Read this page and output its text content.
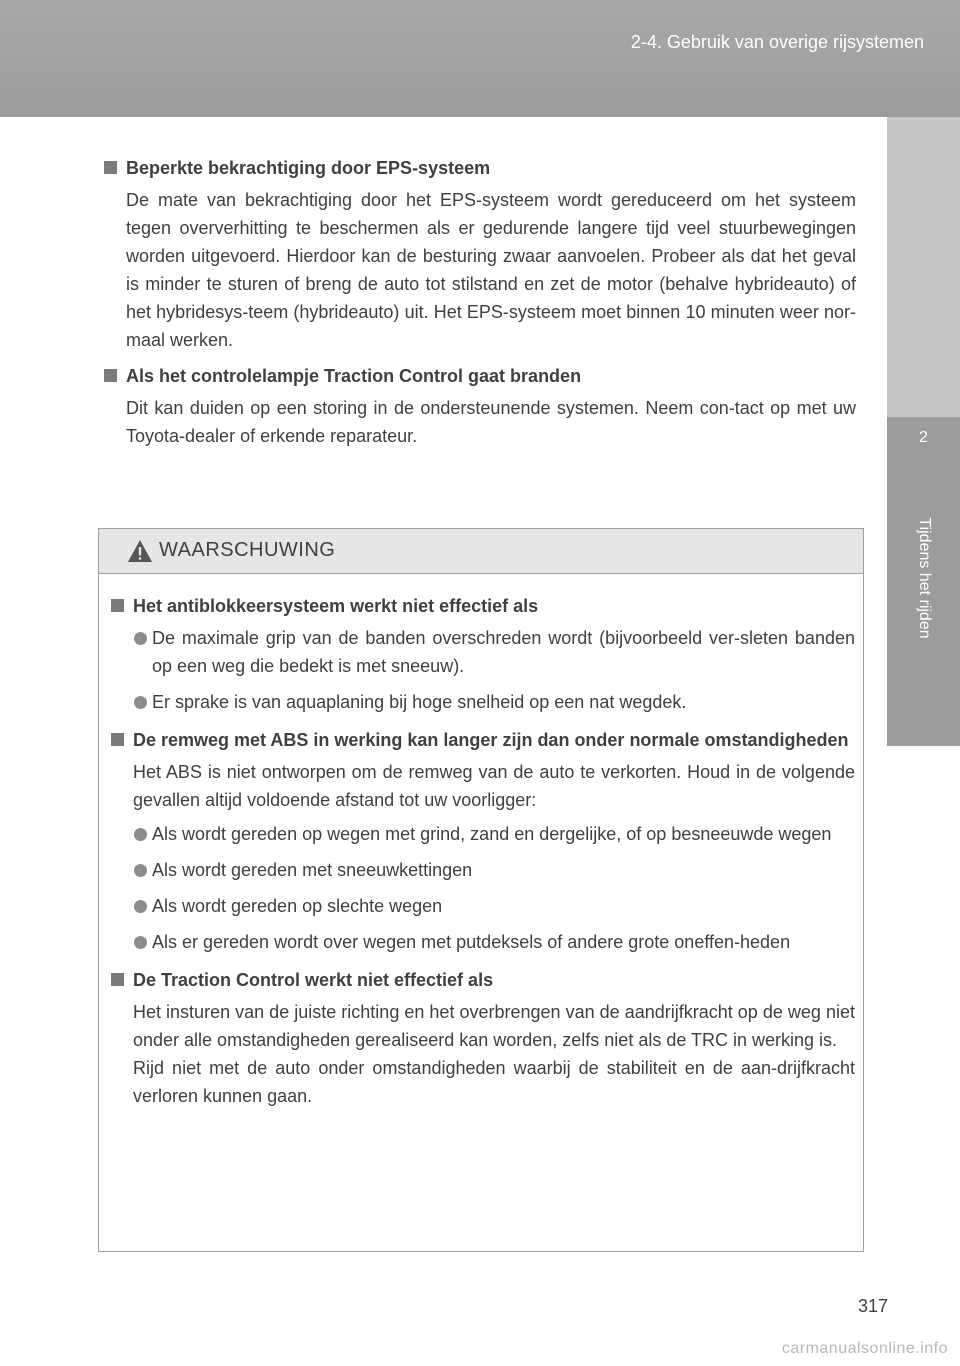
2-4. Gebruik van overige rijsystemen
2
Tijdens het rijden
Beperkte bekrachtiging door EPS-systeem

De mate van bekrachtiging door het EPS-systeem wordt gereduceerd om het systeem tegen oververhitting te beschermen als er gedurende langere tijd veel stuurbewegingen worden uitgevoerd. Hierdoor kan de besturing zwaar aanvoelen. Probeer als dat het geval is minder te sturen of breng de auto tot stilstand en zet de motor (behalve hybrideauto) of het hybridesys-teem (hybrideauto) uit. Het EPS-systeem moet binnen 10 minuten weer nor-maal werken.

Als het controlelampje Traction Control gaat branden

Dit kan duiden op een storing in de ondersteunende systemen. Neem con-tact op met uw Toyota-dealer of erkende reparateur.

WAARSCHUWING
Het antiblokkeersysteem werkt niet effectief als
De maximale grip van de banden overschreden wordt (bijvoorbeeld ver-sleten banden op een weg die bedekt is met sneeuw).
Er sprake is van aquaplaning bij hoge snelheid op een nat wegdek.
De remweg met ABS in werking kan langer zijn dan onder normale omstandigheden

Het ABS is niet ontworpen om de remweg van de auto te verkorten. Houd in de volgende gevallen altijd voldoende afstand tot uw voorligger:

Als wordt gereden op wegen met grind, zand en dergelijke, of op besneeuwde wegen
Als wordt gereden met sneeuwkettingen
Als wordt gereden op slechte wegen
Als er gereden wordt over wegen met putdeksels of andere grote oneffen-heden
De Traction Control werkt niet effectief als

Het insturen van de juiste richting en het overbrengen van de aandrijfkracht op de weg niet onder alle omstandigheden gerealiseerd kan worden, zelfs niet als de TRC in werking is.

Rijd niet met de auto onder omstandigheden waarbij de stabiliteit en de aan-drijfkracht verloren kunnen gaan.

317
carmanualsonline.info
